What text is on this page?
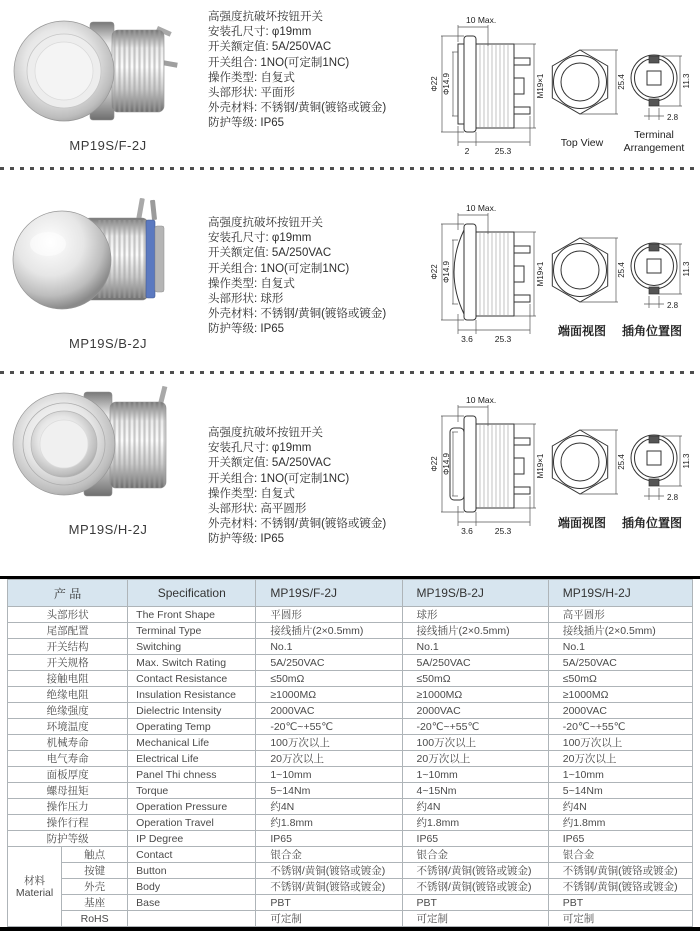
MP19S/F-2J
高强度抗破坏按钮开关
安装孔尺寸: φ19mm
开关额定值: 5A/250VAC
开关组合: 1NO(可定制1NC)
操作类型: 自复式
头部形状: 平面形
外壳材料: 不锈钢/黄铜(镀铬或镀金)
防护等级: IP65
Φ22 Φ14.9
10 Max.
M19×1
2	25.3
25.4	11.3
2.8
Top View
Terminal
Arrangement
MP19S/B-2J
高强度抗破坏按钮开关
安装孔尺寸: φ19mm
开关额定值: 5A/250VAC
开关组合: 1NO(可定制1NC)
操作类型: 自复式
头部形状: 球形
外壳材料: 不锈钢/黄铜(镀铬或镀金)
防护等级: IP65
Φ22 Φ14.9
10 Max.
M19×1
3.6	25.3
25.4	11.3
2.8
端面视图 插角位置图
MP19S/H-2J
高强度抗破坏按钮开关
安装孔尺寸: φ19mm
开关额定值: 5A/250VAC
开关组合: 1NO(可定制1NC)
操作类型: 自复式
头部形状: 高平圆形
外壳材料: 不锈钢/黄铜(镀铬或镀金)
防护等级: IP65
Φ22 Φ14.9
10 Max.
M19×1
3.6	25.3
25.4	11.3
2.8
端面视图 插角位置图
产 品		Specification	MP19S/F-2J	MP19S/B-2J	MP19S/H-2J
头部形状		The Front Shape	平圆形	球形	高平圆形
尾部配置		Terminal Type	接线插片(2×0.5mm)	接线插片(2×0.5mm)	接线插片(2×0.5mm)
开关结构		Switching	No.1	No.1	No.1
开关规格		Max. Switch Rating	5A/250VAC	5A/250VAC	5A/250VAC
接触电阻		Contact Resistance	≤50mΩ	≤50mΩ	≤50mΩ
绝缘电阻		Insulation Resistance	≥1000MΩ	≥1000MΩ	≥1000MΩ
绝缘强度		Dielectric Intensity	2000VAC	2000VAC	2000VAC
环境温度		Operating Temp	-20℃~+55℃	-20℃~+55℃	-20℃~+55℃
机械寿命		Mechanical Life	100万次以上	100万次以上	100万次以上
电气寿命		Electrical Life	20万次以上	20万次以上	20万次以上
面板厚度		Panel Thi chness	1~10mm	1~10mm	1~10mm
螺母扭矩		Torque	5~14Nm	4~15Nm	5~14Nm
操作压力		Operation Pressure	约4N	约4N	约4N
操作行程		Operation Travel	约1.8mm	约1.8mm	约1.8mm
防护等级		IP Degree	IP65	IP65	IP65

材料
Material	触点	Contact	银合金	银合金	银合金
	按键	Button	不锈钢/黄铜(镀铬或镀金)	不锈钢/黄铜(镀铬或镀金)	不锈钢/黄铜(镀铬或镀金)
	外壳	Body	不锈钢/黄铜(镀铬或镀金)	不锈钢/黄铜(镀铬或镀金)	不锈钢/黄铜(镀铬或镀金)
	基座	Base	PBT	PBT	PBT
	RoHS		可定制	可定制	可定制
